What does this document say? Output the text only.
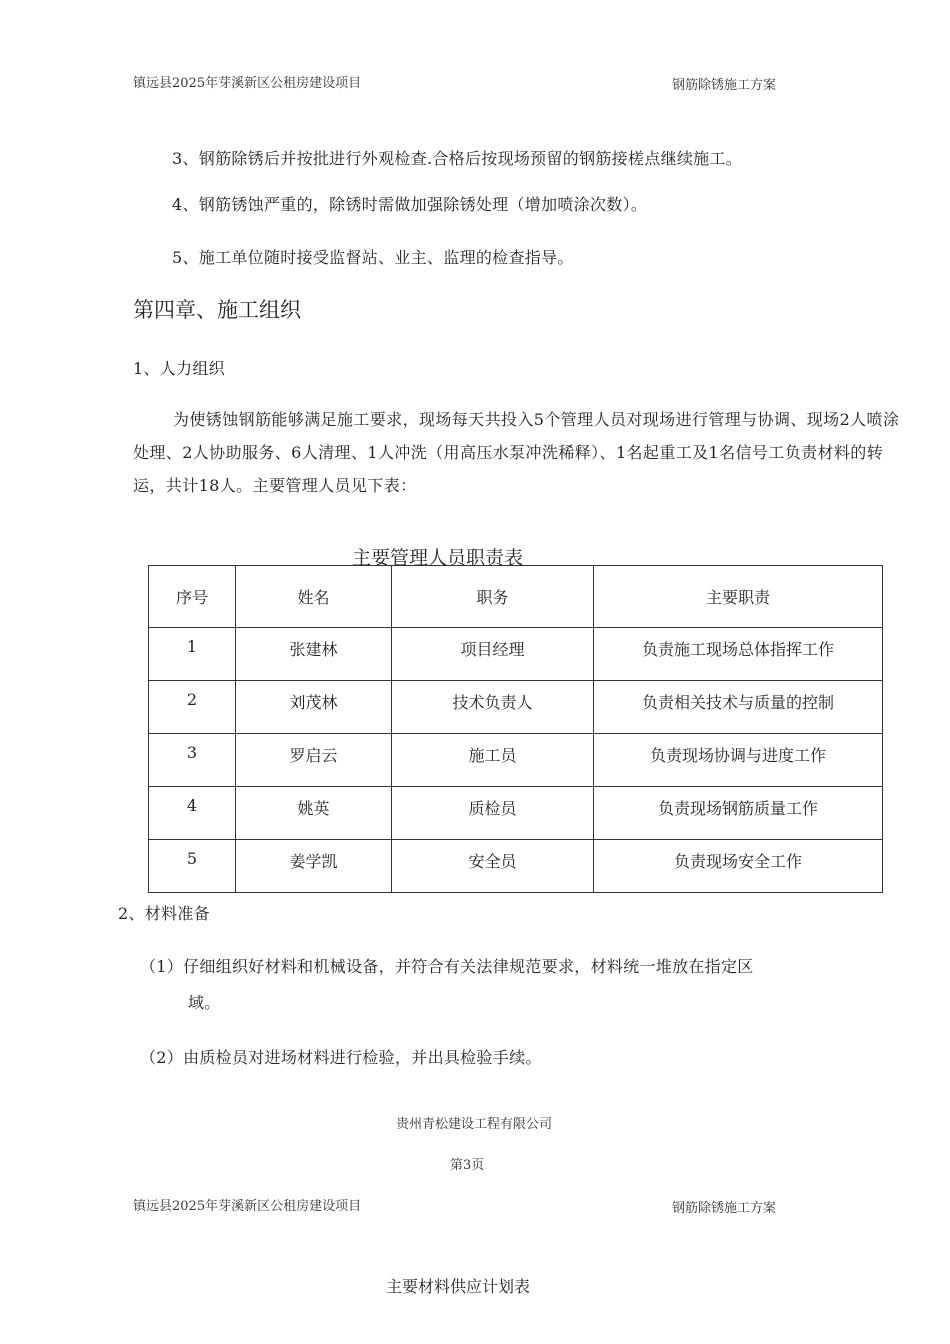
镇远县2025年芽溪新区公租房建设项目	钢筋除锈施工方案
3、钢筋除锈后并按批进行外观检查.合格后按现场预留的钢筋接槎点继续施工。
4、钢筋锈蚀严重的，除锈时需做加强除锈处理（增加喷涂次数）。
5、施工单位随时接受监督站、业主、监理的检查指导。
第四章、施工组织
1、人力组织
为使锈蚀钢筋能够满足施工要求，现场每天共投入5个管理人员对现场进行管理与协调、现场2人喷涂处理、2人协助服务、6人清理、1人冲洗（用高压水泵冲洗稀释）、1名起重工及1名信号工负责材料的转运，共计18人。主要管理人员见下表：
主要管理人员职责表
序号	姓名	职务	主要职责
1	张建林	项目经理	负责施工现场总体指挥工作
2	刘茂林	技术负责人	负责相关技术与质量的控制
3	罗启云	施工员	负责现场协调与进度工作
4	姚英	质检员	负责现场钢筋质量工作
5	姜学凯	安全员	负责现场安全工作
2、材料准备
（1）仔细组织好材料和机械设备，并符合有关法律规范要求，材料统一堆放在指定区
域。
（2）由质检员对进场材料进行检验，并出具检验手续。
贵州青松建设工程有限公司
第3页
镇远县2025年芽溪新区公租房建设项目	钢筋除锈施工方案
主要材料供应计划表
